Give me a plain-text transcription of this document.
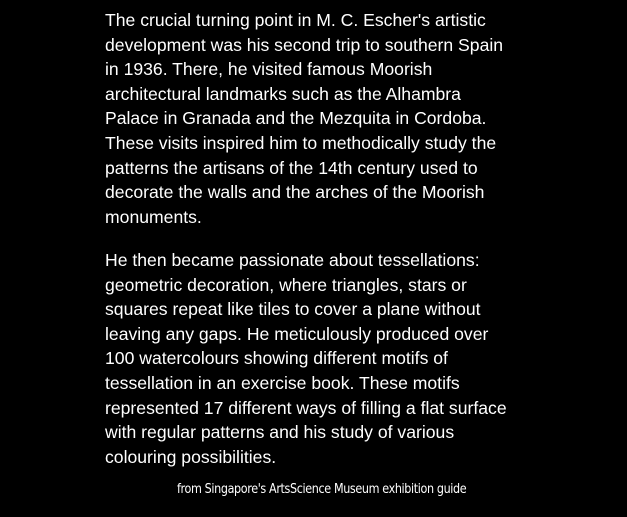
The crucial turning point in M. C. Escher's artistic
development was his second trip to southern Spain
in 1936. There, he visited famous Moorish
architectural landmarks such as the Alhambra
Palace in Granada and the Mezquita in Cordoba.
These visits inspired him to methodically study the
patterns the artisans of the 14th century used to
decorate the walls and the arches of the Moorish
monuments.
He then became passionate about tessellations:
geometric decoration, where triangles, stars or
squares repeat like tiles to cover a plane without
leaving any gaps. He meticulously produced over
100 watercolours showing different motifs of
tessellation in an exercise book. These motifs
represented 17 different ways of filling a flat surface
with regular patterns and his study of various
colouring possibilities.
from Singapore's ArtsScience Museum exhibition guide
